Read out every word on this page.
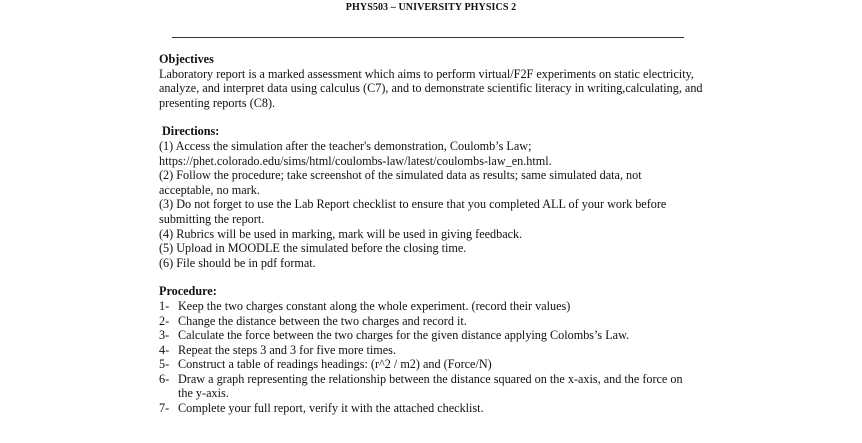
PHYS503 – UNIVERSITY PHYSICS 2
Objectives
Laboratory report is a marked assessment which aims to perform virtual/F2F experiments on static electricity,
analyze, and interpret data using calculus (C7), and to demonstrate scientific literacy in writing,calculating, and
presenting reports (C8).
Directions:
(1) Access the simulation after the teacher's demonstration, Coulomb’s Law;
https://phet.colorado.edu/sims/html/coulombs-law/latest/coulombs-law_en.html.
(2) Follow the procedure; take screenshot of the simulated data as results; same simulated data, not
acceptable, no mark.
(3) Do not forget to use the Lab Report checklist to ensure that you completed ALL of your work before
submitting the report.
(4) Rubrics will be used in marking, mark will be used in giving feedback.
(5) Upload in MOODLE the simulated before the closing time.
(6) File should be in pdf format.
Procedure:
1- Keep the two charges constant along the whole experiment. (record their values)
2- Change the distance between the two charges and record it.
3- Calculate the force between the two charges for the given distance applying Colombs’s Law.
4- Repeat the steps 3 and 3 for five more times.
5- Construct a table of readings headings: (r^2 / m2) and (Force/N)
6- Draw a graph representing the relationship between the distance squared on the x-axis, and the force on
the y-axis.
7- Complete your full report, verify it with the attached checklist.
